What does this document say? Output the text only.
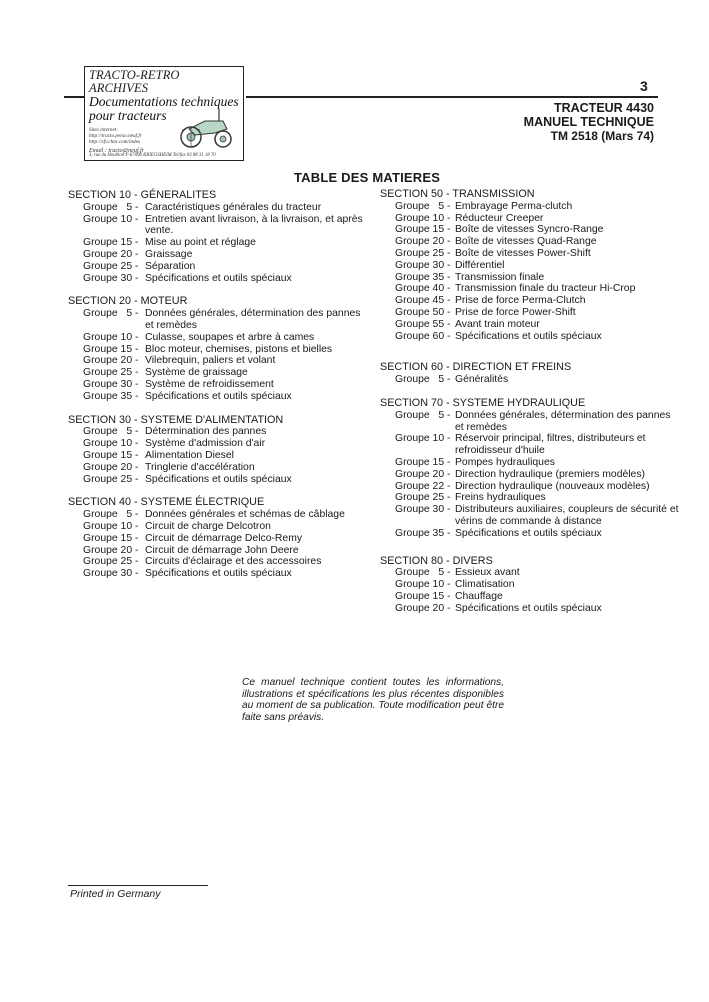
TRACTO-RETRO ARCHIVES
Documentations techniques
pour tracteurs
Sites internet:
http://tracto.perso.neuf.fr
http://sfv.chez.com/index
Email : tracto@neuf.fr
3, rue du Houblon F-67096 KRIEGSHEIM Tel/fax 03 88 31 18 70
3
TRACTEUR 4430
MANUEL TECHNIQUE
TM 2518 (Mars 74)
TABLE DES MATIERES
SECTION 10 - GÉNERALITES
Groupe   5 - Caractéristiques générales du tracteur
Groupe 10 - Entretien avant livraison, à la livraison, et après vente.
Groupe 15 - Mise au point et réglage
Groupe 20 - Graissage
Groupe 25 - Séparation
Groupe 30 - Spécifications et outils spéciaux
SECTION 20 - MOTEUR
Groupe   5 - Données générales, détermination des pannes et remèdes
Groupe 10 - Culasse, soupapes et arbre à cames
Groupe 15 - Bloc moteur, chemises, pistons et bielles
Groupe 20 - Vilebrequin, paliers et volant
Groupe 25 - Système de graissage
Groupe 30 - Système de refroidissement
Groupe 35 - Spécifications et outils spéciaux
SECTION 30 - SYSTEME D'ALIMENTATION
Groupe   5 - Détermination des pannes
Groupe 10 - Système d'admission d'air
Groupe 15 - Alimentation Diesel
Groupe 20 - Tringlerie d'accélération
Groupe 25 - Spécifications et outils spéciaux
SECTION 40 - SYSTEME ÉLECTRIQUE
Groupe   5 - Données générales et schémas de câblage
Groupe 10 - Circuit de charge Delcotron
Groupe 15 - Circuit de démarrage Delco-Remy
Groupe 20 - Circuit de démarrage John Deere
Groupe 25 - Circuits d'éclairage et des accessoires
Groupe 30 - Spécifications et outils spéciaux
SECTION 50 - TRANSMISSION
Groupe   5 - Embrayage Perma-clutch
Groupe 10 - Réducteur Creeper
Groupe 15 - Boîte de vitesses Syncro-Range
Groupe 20 - Boîte de vitesses Quad-Range
Groupe 25 - Boîte de vitesses Power-Shift
Groupe 30 - Différentiel
Groupe 35 - Transmission finale
Groupe 40 - Transmission finale du tracteur Hi-Crop
Groupe 45 - Prise de force Perma-Clutch
Groupe 50 - Prise de force Power-Shift
Groupe 55 - Avant train moteur
Groupe 60 - Spécifications et outils spéciaux
SECTION 60 - DIRECTION ET FREINS
Groupe   5 - Généralités
SECTION 70 - SYSTEME HYDRAULIQUE
Groupe   5 - Données générales, détermination des pannes et remèdes
Groupe 10 - Réservoir principal, filtres, distributeurs et refroidisseur d'huile
Groupe 15 - Pompes hydrauliques
Groupe 20 - Direction hydraulique (premiers modèles)
Groupe 22 - Direction hydraulique (nouveaux modèles)
Groupe 25 - Freins hydrauliques
Groupe 30 - Distributeurs auxiliaires, coupleurs de sécurité et vérins de commande à distance
Groupe 35 - Spécifications et outils spéciaux
SECTION 80 - DIVERS
Groupe   5 - Essieux avant
Groupe 10 - Climatisation
Groupe 15 - Chauffage
Groupe 20 - Spécifications et outils spéciaux
Ce manuel technique contient toutes les informations, illustrations et spécifications les plus récentes disponibles au moment de sa publication. Toute modification peut être faite sans préavis.
Printed in Germany
